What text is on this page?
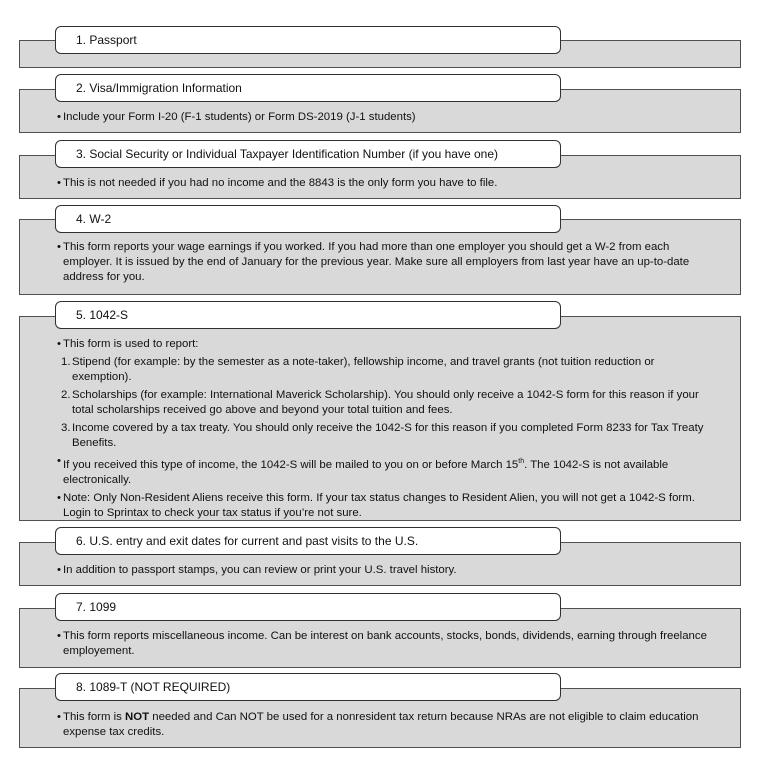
1. Passport
2. Visa/Immigration Information
• Include your Form I-20 (F-1 students) or Form DS-2019 (J-1 students)
3. Social Security or Individual Taxpayer Identification Number (if you have one)
• This is not needed if you had no income and the 8843 is the only form you have to file.
4. W-2
• This form reports your wage earnings if you worked. If you had more than one employer you should get a W-2 from each employer. It is issued by the end of January for the previous year. Make sure all employers from last year have an up-to-date address for you.
5. 1042-S
• This form is used to report:
1. Stipend (for example: by the semester as a note-taker), fellowship income, and travel grants (not tuition reduction or exemption).
2. Scholarships (for example: International Maverick Scholarship). You should only receive a 1042-S form for this reason if your total scholarships received go above and beyond your total tuition and fees.
3. Income covered by a tax treaty. You should only receive the 1042-S for this reason if you completed Form 8233 for Tax Treaty Benefits.
• If you received this type of income, the 1042-S will be mailed to you on or before March 15th. The 1042-S is not available electronically.
• Note: Only Non-Resident Aliens receive this form. If your tax status changes to Resident Alien, you will not get a 1042-S form. Login to Sprintax to check your tax status if you’re not sure.
6. U.S. entry and exit dates for current and past visits to the U.S.
• In addition to passport stamps, you can review or print your U.S. travel history.
7. 1099
• This form reports miscellaneous income. Can be interest on bank accounts, stocks, bonds, dividends, earning through freelance employement.
8. 1089-T (NOT REQUIRED)
• This form is NOT needed and Can NOT be used for a nonresident tax return because NRAs are not eligible to claim education expense tax credits.
